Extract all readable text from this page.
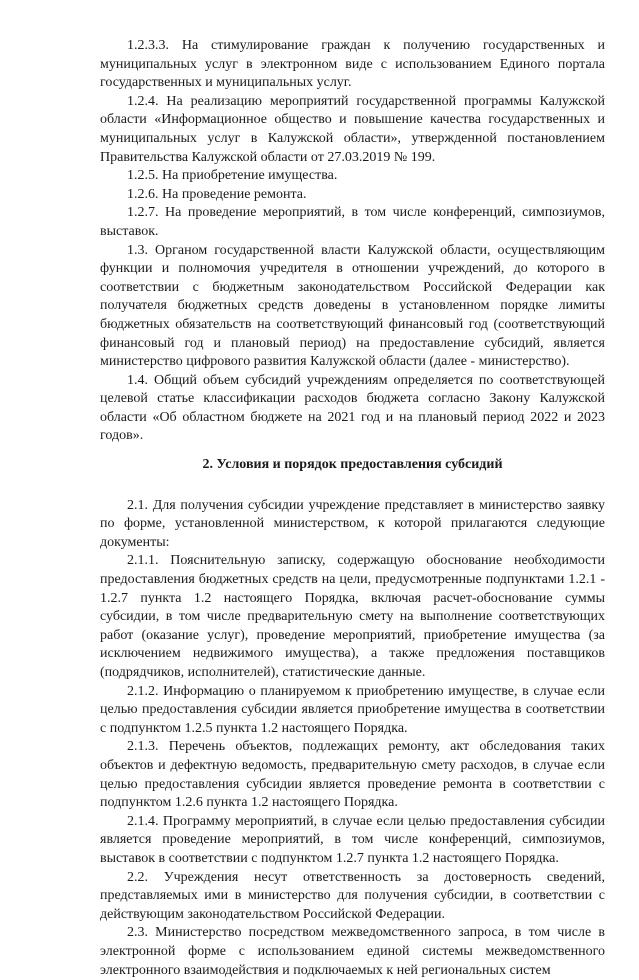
1.2.3.3. На стимулирование граждан к получению государственных и муниципальных услуг в электронном виде с использованием Единого портала государственных и муниципальных услуг.

1.2.4. На реализацию мероприятий государственной программы Калужской области «Информационное общество и повышение качества государственных и муниципальных услуг в Калужской области», утвержденной постановлением Правительства Калужской области от 27.03.2019 № 199.

1.2.5. На приобретение имущества.

1.2.6. На проведение ремонта.

1.2.7. На проведение мероприятий, в том числе конференций, симпозиумов, выставок.

1.3. Органом государственной власти Калужской области, осуществляющим функции и полномочия учредителя в отношении учреждений, до которого в соответствии с бюджетным законодательством Российской Федерации как получателя бюджетных средств доведены в установленном порядке лимиты бюджетных обязательств на соответствующий финансовый год (соответствующий финансовый год и плановый период) на предоставление субсидий, является министерство цифрового развития Калужской области (далее - министерство).

1.4. Общий объем субсидий учреждениям определяется по соответствующей целевой статье классификации расходов бюджета согласно Закону Калужской области «Об областном бюджете на 2021 год и на плановый период 2022 и 2023 годов».

2. Условия и порядок предоставления субсидий

2.1. Для получения субсидии учреждение представляет в министерство заявку по форме, установленной министерством, к которой прилагаются следующие документы:

2.1.1. Пояснительную записку, содержащую обоснование необходимости предоставления бюджетных средств на цели, предусмотренные подпунктами 1.2.1 - 1.2.7 пункта 1.2 настоящего Порядка, включая расчет-обоснование суммы субсидии, в том числе предварительную смету на выполнение соответствующих работ (оказание услуг), проведение мероприятий, приобретение имущества (за исключением недвижимого имущества), а также предложения поставщиков (подрядчиков, исполнителей), статистические данные.

2.1.2. Информацию о планируемом к приобретению имуществе, в случае если целью предоставления субсидии является приобретение имущества в соответствии с подпунктом 1.2.5 пункта 1.2 настоящего Порядка.

2.1.3. Перечень объектов, подлежащих ремонту, акт обследования таких объектов и дефектную ведомость, предварительную смету расходов, в случае если целью предоставления субсидии является проведение ремонта в соответствии с подпунктом 1.2.6 пункта 1.2 настоящего Порядка.

2.1.4. Программу мероприятий, в случае если целью предоставления субсидии является проведение мероприятий, в том числе конференций, симпозиумов, выставок в соответствии с подпунктом 1.2.7 пункта 1.2 настоящего Порядка.

2.2. Учреждения несут ответственность за достоверность сведений, представляемых ими в министерство для получения субсидии, в соответствии с действующим законодательством Российской Федерации.

2.3. Министерство посредством межведомственного запроса, в том числе в электронной форме с использованием единой системы межведомственного электронного взаимодействия и подключаемых к ней региональных систем
